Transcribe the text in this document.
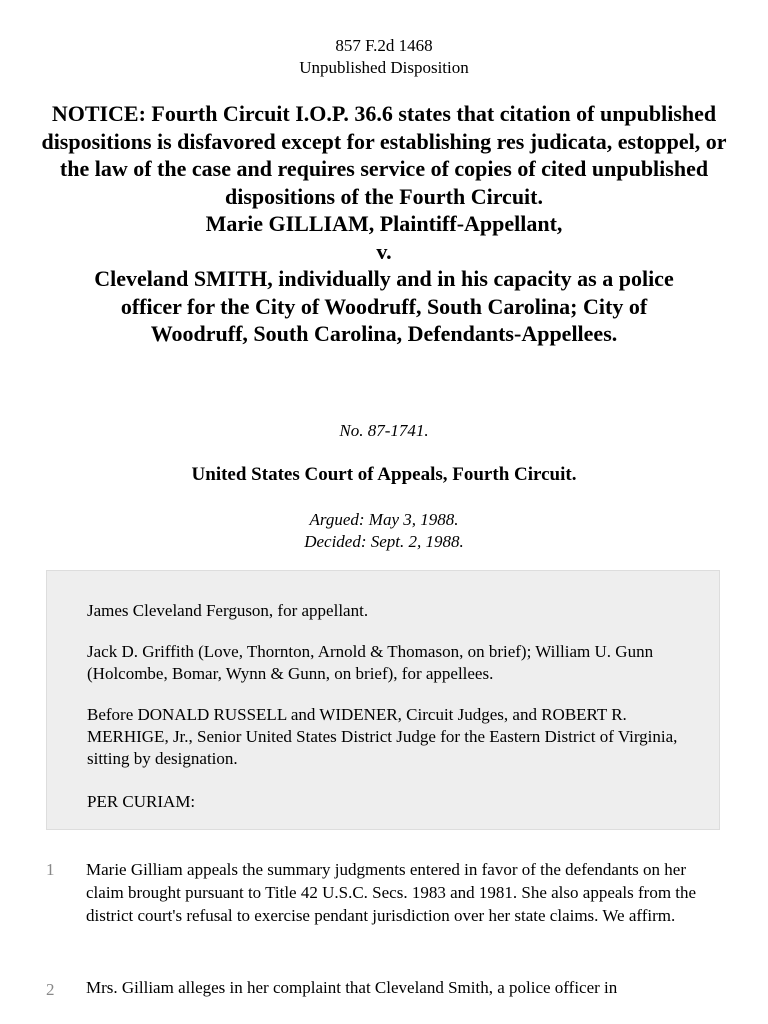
857 F.2d 1468
Unpublished Disposition

NOTICE: Fourth Circuit I.O.P. 36.6 states that citation of unpublished dispositions is disfavored except for establishing res judicata, estoppel, or the law of the case and requires service of copies of cited unpublished dispositions of the Fourth Circuit.

Marie GILLIAM, Plaintiff-Appellant,

v.

Cleveland SMITH, individually and in his capacity as a police officer for the City of Woodruff, South Carolina; City of Woodruff, South Carolina, Defendants-Appellees.

No. 87-1741.
United States Court of Appeals, Fourth Circuit.
Argued: May 3, 1988.
Decided: Sept. 2, 1988.

James Cleveland Ferguson, for appellant.

Jack D. Griffith (Love, Thornton, Arnold & Thomason, on brief); William U. Gunn (Holcombe, Bomar, Wynn & Gunn, on brief), for appellees.

Before DONALD RUSSELL and WIDENER, Circuit Judges, and ROBERT R. MERHIGE, Jr., Senior United States District Judge for the Eastern District of Virginia, sitting by designation.

PER CURIAM:

1 Marie Gilliam appeals the summary judgments entered in favor of the defendants on her claim brought pursuant to Title 42 U.S.C. Secs. 1983 and 1981. She also appeals from the district court's refusal to exercise pendant jurisdiction over her state claims. We affirm.
2 Mrs. Gilliam alleges in her complaint that Cleveland Smith, a police officer in
